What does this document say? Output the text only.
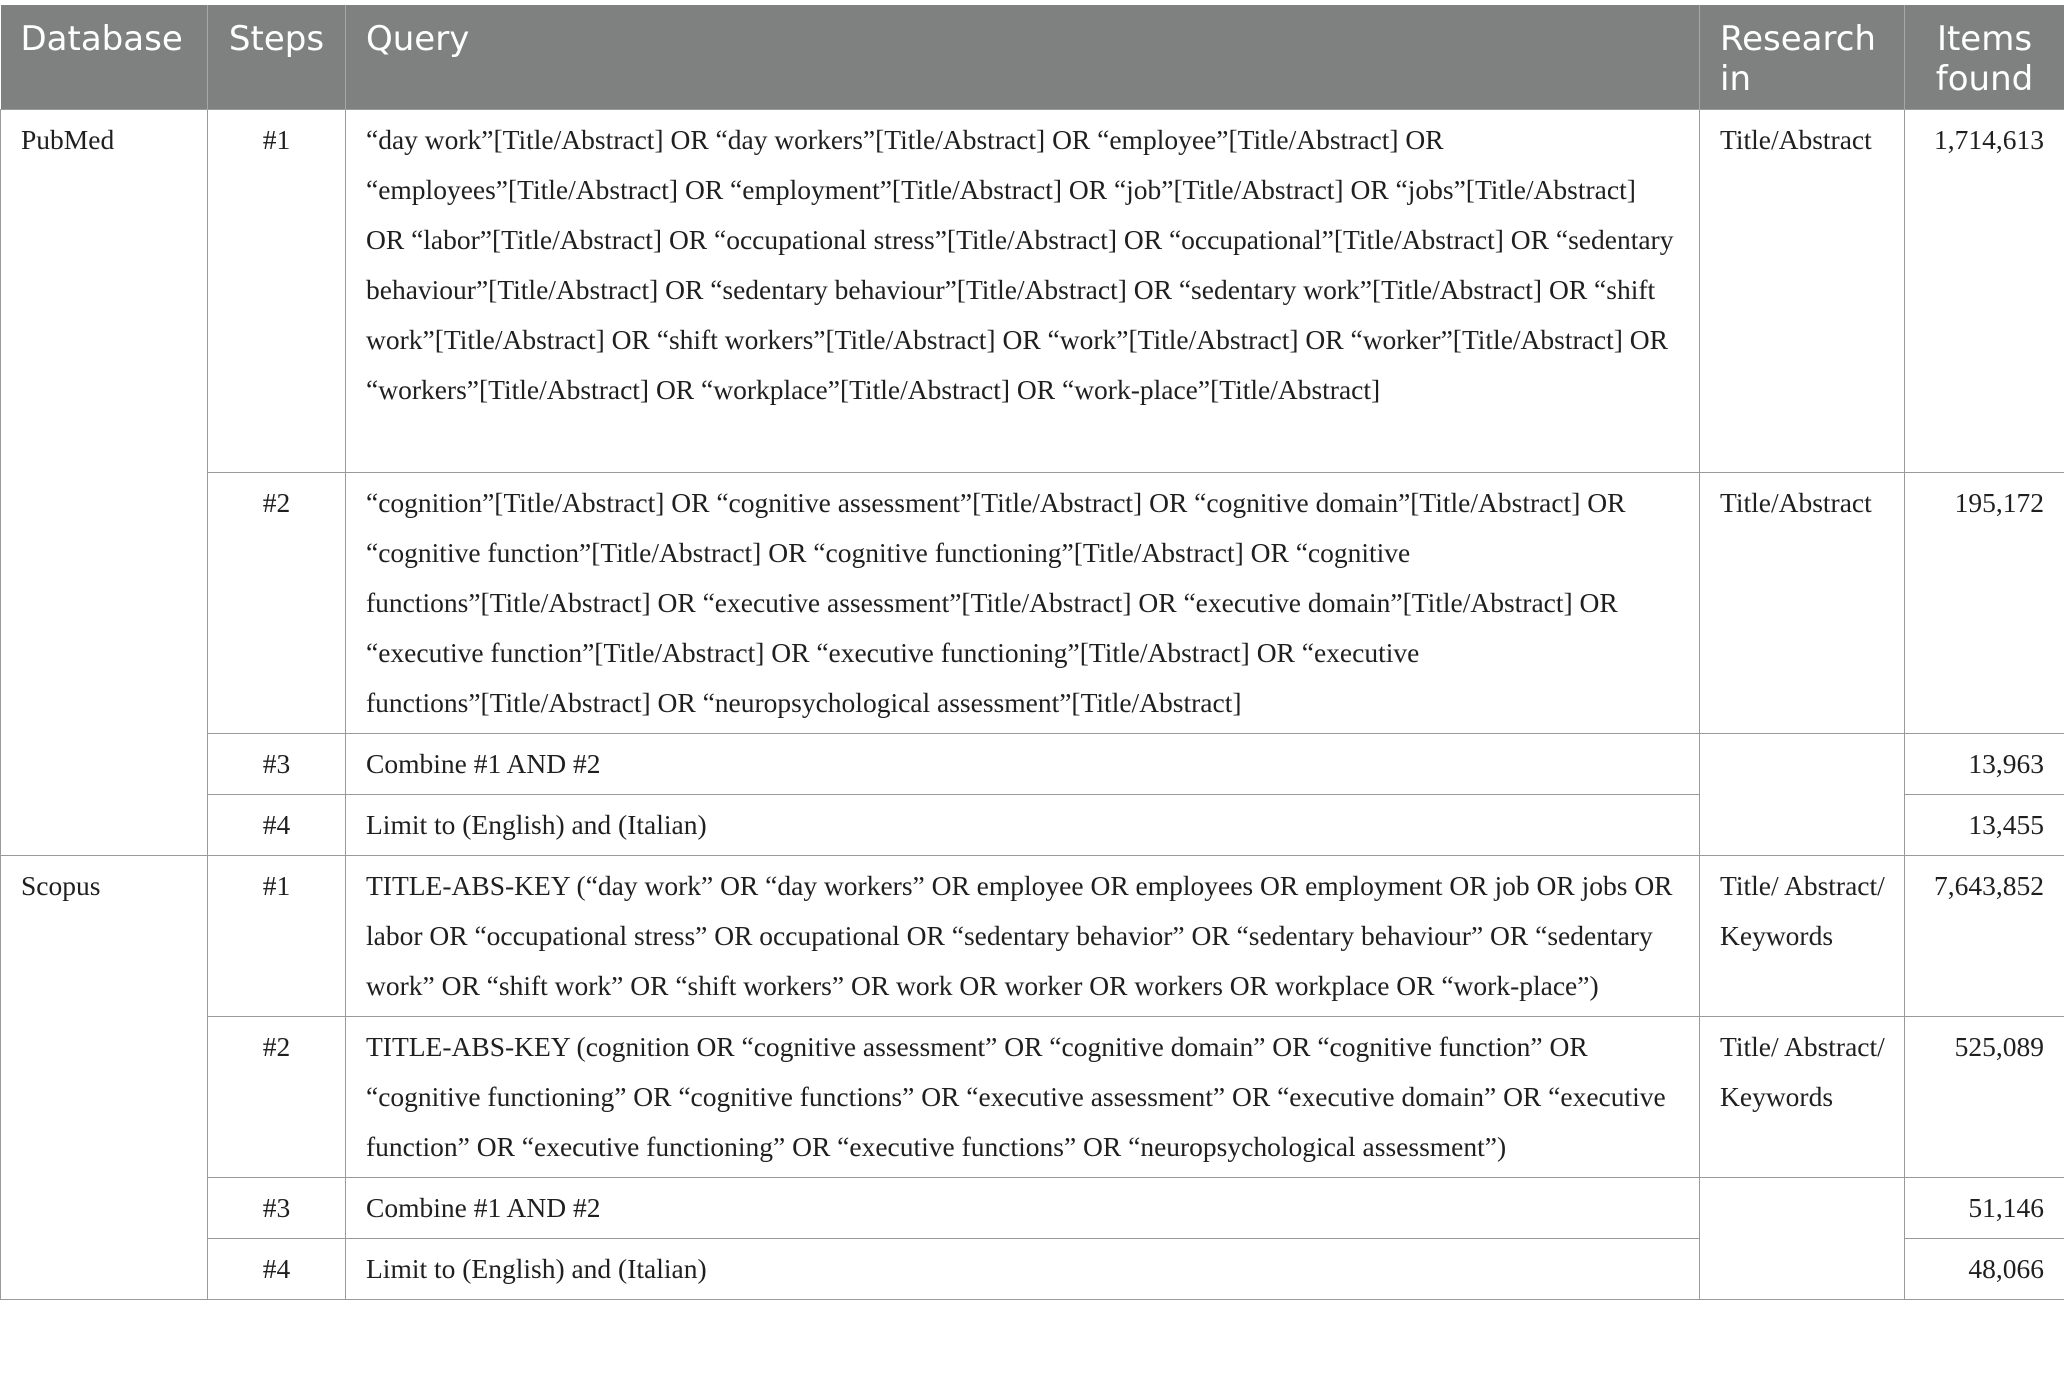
Database	Steps	Query	Research in	Items found
PubMed	#1	“day work”[Title/Abstract] OR “day workers”[Title/Abstract] OR “employee”[Title/Abstract] OR “employees”[Title/Abstract] OR “employment”[Title/Abstract] OR “job”[Title/Abstract] OR “jobs”[Title/Abstract] OR “labor”[Title/Abstract] OR “occupational stress”[Title/Abstract] OR “occupational”[Title/Abstract] OR “sedentary behaviour”[Title/Abstract] OR “sedentary behaviour”[Title/Abstract] OR “sedentary work”[Title/Abstract] OR “shift work”[Title/Abstract] OR “shift workers”[Title/Abstract] OR “work”[Title/Abstract] OR “worker”[Title/Abstract] OR “workers”[Title/Abstract] OR “workplace”[Title/Abstract] OR “work-place”[Title/Abstract]	Title/Abstract	1,714,613
	#2	“cognition”[Title/Abstract] OR “cognitive assessment”[Title/Abstract] OR “cognitive domain”[Title/Abstract] OR “cognitive function”[Title/Abstract] OR “cognitive functioning”[Title/Abstract] OR “cognitive functions”[Title/Abstract] OR “executive assessment”[Title/Abstract] OR “executive domain”[Title/Abstract] OR “executive function”[Title/Abstract] OR “executive functioning”[Title/Abstract] OR “executive functions”[Title/Abstract] OR “neuropsychological assessment”[Title/Abstract]	Title/Abstract	195,172
	#3	Combine #1 AND #2		13,963
	#4	Limit to (English) and (Italian)		13,455
Scopus	#1	TITLE-ABS-KEY (“day work” OR “day workers” OR employee OR employees OR employment OR job OR jobs OR labor OR “occupational stress” OR occupational OR “sedentary behavior” OR “sedentary behaviour” OR “sedentary work” OR “shift work” OR “shift workers” OR work OR worker OR workers OR workplace OR “work-place”)	Title/ Abstract/ Keywords	7,643,852
	#2	TITLE-ABS-KEY (cognition OR “cognitive assessment” OR “cognitive domain” OR “cognitive function” OR “cognitive functioning” OR “cognitive functions” OR “executive assessment” OR “executive domain” OR “executive function” OR “executive functioning” OR “executive functions” OR “neuropsychological assessment”)	Title/ Abstract/ Keywords	525,089
	#3	Combine #1 AND #2		51,146
	#4	Limit to (English) and (Italian)		48,066
